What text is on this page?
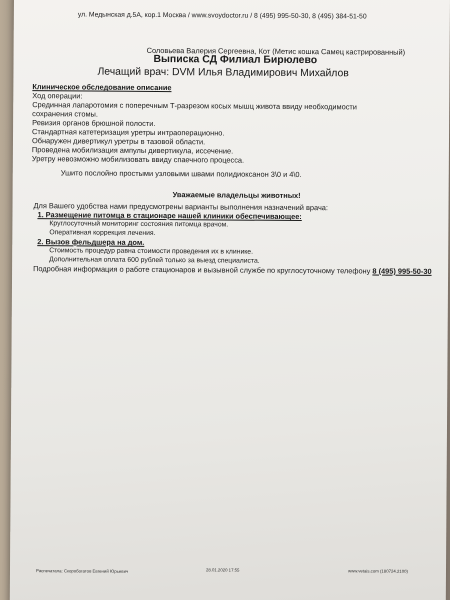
ул. Медынская д.5А, кор.1 Москва / www.svoydoctor.ru / 8 (495) 995-50-30, 8 (495) 384-51-50
Соловьева Валерия Сергеевна, Кот (Метис кошка Самец кастрированный)
Выписка СД Филиал Бирюлево
Лечащий врач: DVM Илья Владимирович Михайлов
Клиническое обследование описание
Ход операции:
Срединная лапаротомия с поперечным Т-разрезом косых мышц живота ввиду необходимости
сохранения стомы.
Ревизия органов брюшной полости.
Стандартная катетеризация уретры интраоперационно.
Обнаружен дивертикул уретры в тазовой области.
Проведена мобилизация ампулы дивертикула, иссечение.
Уретру невозможно мобилизовать ввиду спаечного процесса.
Ушито послойно простыми узловыми швами полидиоксанон 3\0 и 4\0.
Уважаемые владельцы животных!
Для Вашего удобства нами предусмотрены варианты выполнения назначений врача:
1. Размещение питомца в стационаре нашей клиники обеспечивающее:
Круглосуточный мониторинг состояния питомца врачом.
Оперативная коррекция лечения.
2. Вызов фельдшера на дом.
Стоимость процедур равна стоимости проведения их в клинике.
Дополнительная оплата 600 рублей только за выезд специалиста.
Подробная информация о работе стационаров и вызывной службе по круглосуточному телефону 8 (495) 995-50-30
Распечатала: Скоробогатов Евгений Юрьевич	28.01.2020 17:55	www.vetais.com (180724.2100)
